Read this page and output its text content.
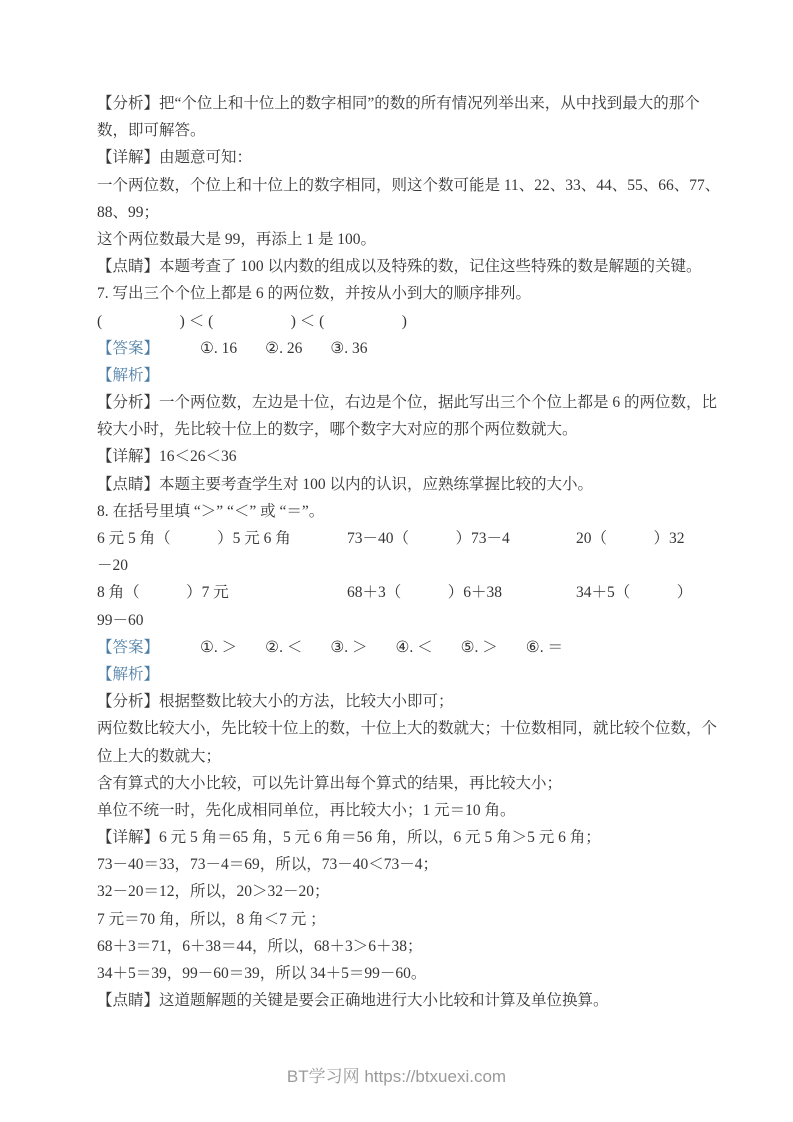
【分析】把“个位上和十位上的数字相同”的数的所有情况列举出来，从中找到最大的那个
数，即可解答。
【详解】由题意可知：
一个两位数，个位上和十位上的数字相同，则这个数可能是 11、22、33、44、55、66、77、
88、99；
这个两位数最大是 99，再添上 1 是 100。
【点睛】本题考查了 100 以内数的组成以及特殊的数，记住这些特殊的数是解题的关键。
7. 写出三个个位上都是 6 的两位数，并按从小到大的顺序排列。
(　　　　　) ＜ (　　　　　) ＜ (　　　　　)
【答案】	①. 16 ②. 26 ③. 36
【解析】
【分析】一个两位数，左边是十位，右边是个位，据此写出三个个位上都是 6 的两位数，比
较大小时，先比较十位上的数字，哪个数字大对应的那个两位数就大。
【详解】16＜26＜36
【点睛】本题主要考查学生对 100 以内的认识，应熟练掌握比较的大小。
8. 在括号里填 “＞” “＜” 或 “＝”。
6 元 5 角（　　　）5 元 6 角	73－40（　　　）73－4	20（　　　）32
－20
8 角（　　　）7 元	68＋3（　　　）6＋38	34＋5（　　　）
99－60
【答案】	①. ＞ ②. ＜ ③. ＞ ④. ＜ ⑤. ＞ ⑥. ＝
【解析】
【分析】根据整数比较大小的方法，比较大小即可；
两位数比较大小，先比较十位上的数，十位上大的数就大；十位数相同，就比较个位数，个
位上大的数就大；
含有算式的大小比较，可以先计算出每个算式的结果，再比较大小；
单位不统一时，先化成相同单位，再比较大小；1 元＝10 角。
【详解】6 元 5 角＝65 角，5 元 6 角＝56 角，所以，6 元 5 角＞5 元 6 角；
73－40＝33，73－4＝69，所以，73－40＜73－4；
32－20＝12，所以，20＞32－20；
7 元＝70 角，所以，8 角＜7 元 ；
68＋3＝71，6＋38＝44，所以，68＋3＞6＋38；
34＋5＝39，99－60＝39，所以 34＋5＝99－60。
【点睛】这道题解题的关键是要会正确地进行大小比较和计算及单位换算。
BT学习网 https://btxuexi.com
